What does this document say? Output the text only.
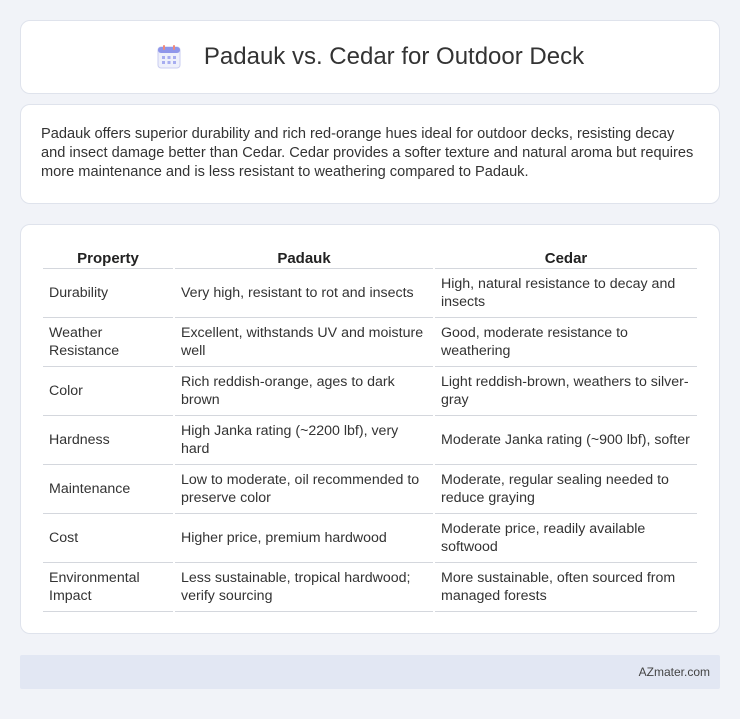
Padauk vs. Cedar for Outdoor Deck

Padauk offers superior durability and rich red-orange hues ideal for outdoor decks, resisting decay and insect damage better than Cedar. Cedar provides a softer texture and natural aroma but requires more maintenance and is less resistant to weathering compared to Padauk.

Property	Padauk	Cedar
Durability	Very high, resistant to rot and insects	High, natural resistance to decay and insects
Weather Resistance	Excellent, withstands UV and moisture well	Good, moderate resistance to weathering
Color	Rich reddish-orange, ages to dark brown	Light reddish-brown, weathers to silver-gray
Hardness	High Janka rating (~2200 lbf), very hard	Moderate Janka rating (~900 lbf), softer
Maintenance	Low to moderate, oil recommended to preserve color	Moderate, regular sealing needed to reduce graying
Cost	Higher price, premium hardwood	Moderate price, readily available softwood
Environmental Impact	Less sustainable, tropical hardwood; verify sourcing	More sustainable, often sourced from managed forests
AZmater.com
